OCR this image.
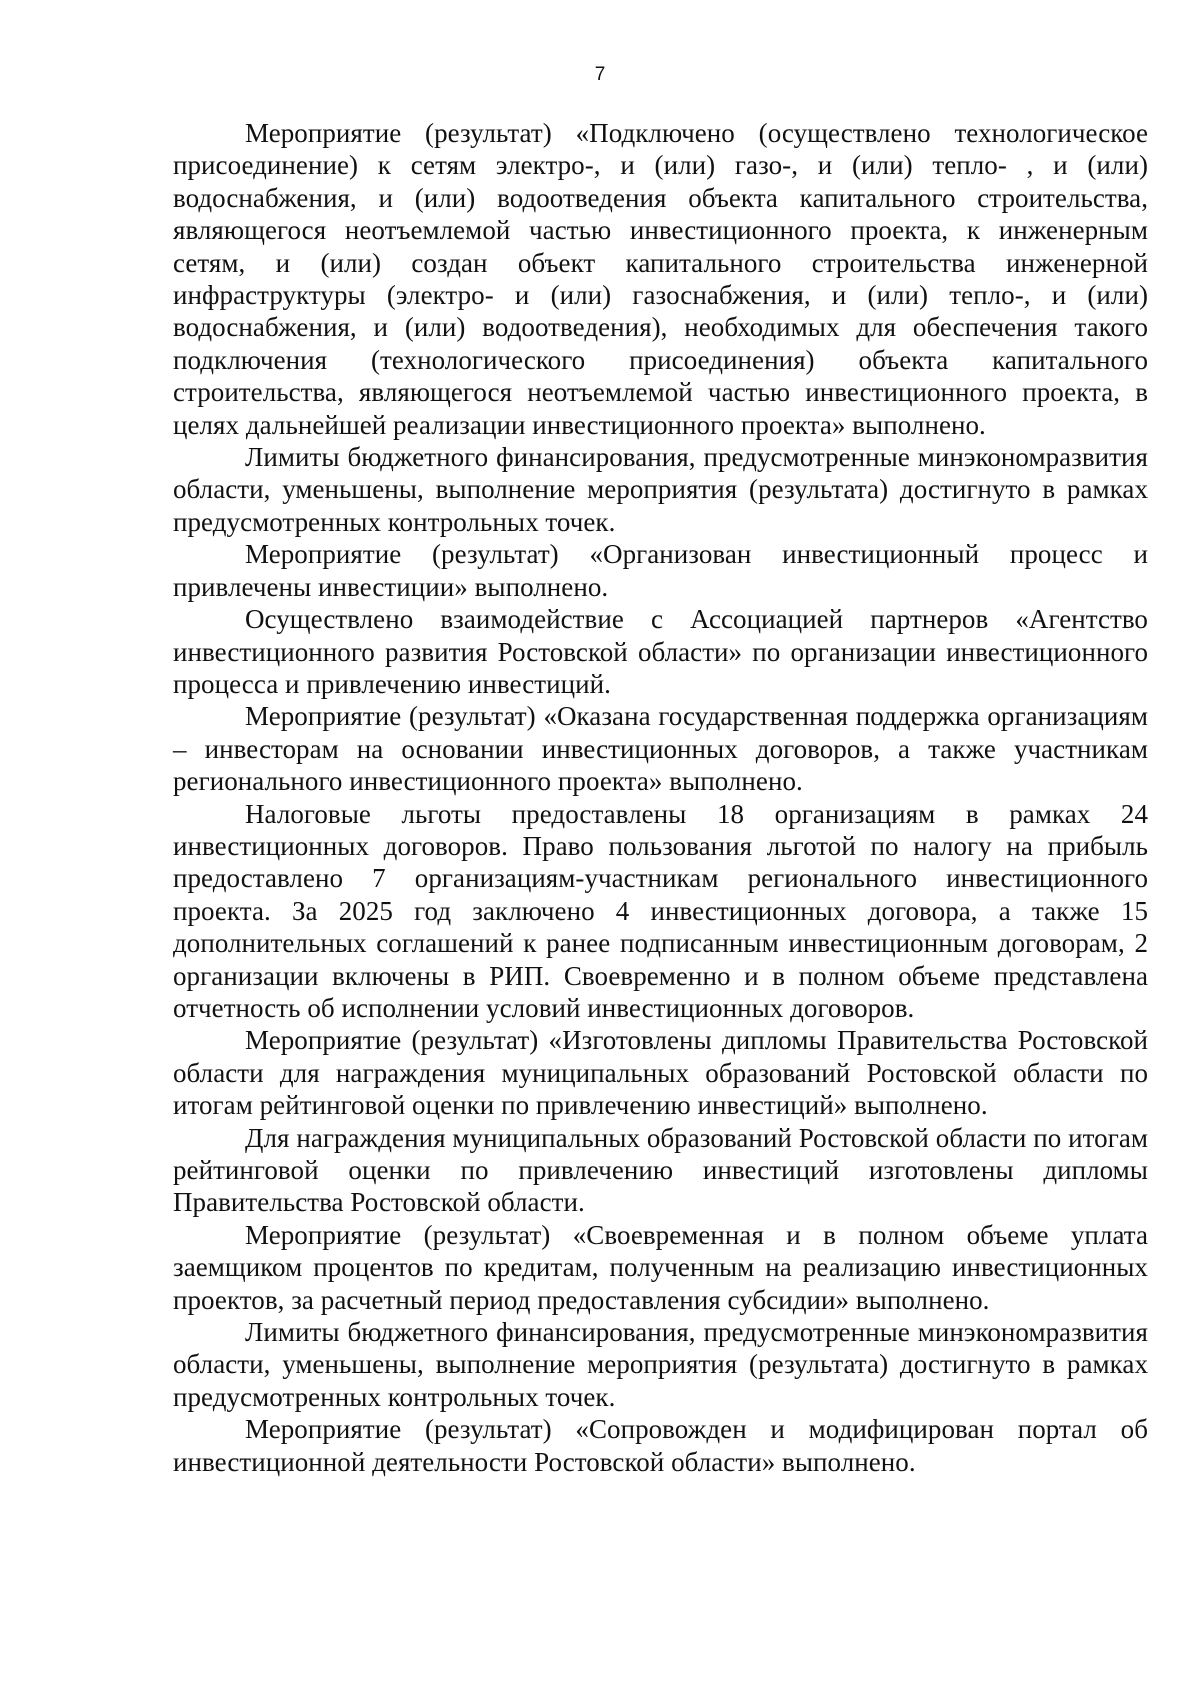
7

Мероприятие (результат) «Подключено (осуществлено технологическое присоединение) к сетям электро-, и (или) газо-, и (или) тепло- , и (или) водоснабжения, и (или) водоотведения объекта капитального строительства, являющегося неотъемлемой частью инвестиционного проекта, к инженерным сетям, и (или) создан объект капитального строительства инженерной инфраструктуры (электро- и (или) газоснабжения, и (или) тепло-, и (или) водоснабжения, и (или) водоотведения), необходимых для обеспечения такого подключения (технологического присоединения) объекта капитального строительства, являющегося неотъемлемой частью инвестиционного проекта, в целях дальнейшей реализации инвестиционного проекта» выполнено.

Лимиты бюджетного финансирования, предусмотренные минэкономразвития области, уменьшены, выполнение мероприятия (результата) достигнуто в рамках предусмотренных контрольных точек.

Мероприятие (результат) «Организован инвестиционный процесс и привлечены инвестиции» выполнено.

Осуществлено взаимодействие с Ассоциацией партнеров «Агентство инвестиционного развития Ростовской области» по организации инвестиционного процесса и привлечению инвестиций.

Мероприятие (результат) «Оказана государственная поддержка организациям – инвесторам на основании инвестиционных договоров, а также участникам регионального инвестиционного проекта» выполнено.

Налоговые льготы предоставлены 18 организациям в рамках 24 инвестиционных договоров. Право пользования льготой по налогу на прибыль предоставлено 7 организациям-участникам регионального инвестиционного проекта. За 2025 год заключено 4 инвестиционных договора, а также 15 дополнительных соглашений к ранее подписанным инвестиционным договорам, 2 организации включены в РИП. Своевременно и в полном объеме представлена отчетность об исполнении условий инвестиционных договоров.

Мероприятие (результат) «Изготовлены дипломы Правительства Ростовской области для награждения муниципальных образований Ростовской области по итогам рейтинговой оценки по привлечению инвестиций» выполнено.

Для награждения муниципальных образований Ростовской области по итогам рейтинговой оценки по привлечению инвестиций изготовлены дипломы Правительства Ростовской области.

Мероприятие (результат) «Своевременная и в полном объеме уплата заемщиком процентов по кредитам, полученным на реализацию инвестиционных проектов, за расчетный период предоставления субсидии» выполнено.

Лимиты бюджетного финансирования, предусмотренные минэкономразвития области, уменьшены, выполнение мероприятия (результата) достигнуто в рамках предусмотренных контрольных точек.

Мероприятие (результат) «Сопровожден и модифицирован портал об инвестиционной деятельности Ростовской области» выполнено.
